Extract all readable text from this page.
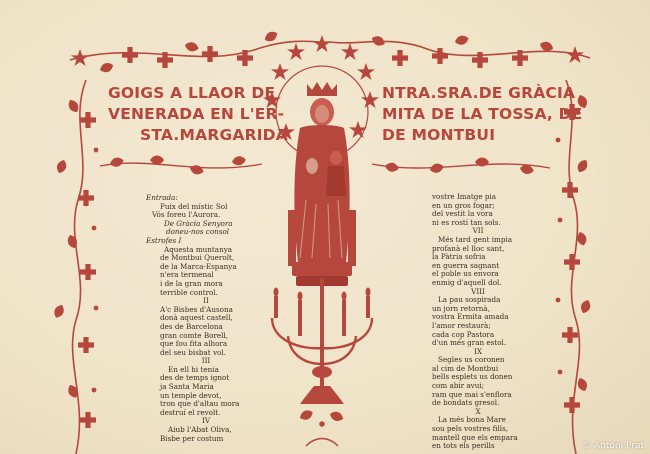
GOIGS A LLAOR DE
VENERADA EN L'ER-
STA.MARGARIDA
NTRA.SRA.DE GRÀCIA
MITA DE LA TOSSA, DE
DE MONTBUI
Entrada:
Puix del místic Sol
Vós foreu l'Aurora.
De Gràcia Senyora
doneu-nos consol
Estrofes I
Aquesta muntanya
de Montbui Querolt,
de la Marca-Espanya
n'era termenal
i de la gran mora
terrible control.
II
A'c Bisbes d'Ausona
donà aquest castell,
des de Barcelona
gran comte Borell,
que fou fita alhora
del seu bisbat vol.
III
En ell hi tenia
des de temps ignot
ja Santa Maria
un temple devot,
tron que d'altau mora
destruí el revolt.
IV
Aiub l'Abat Oliva,
Bisbe per costum
vostre Imatge pia
en un gros fogar;
del vestit la vora
ni es rostí tan sols.
VII
Més tard gent impia
profanà el lloc sant,
la Pàtria sofria
en guerra sagnant
el poble us envora
enmig d'aquell dol.
VIII
La pau sospirada
un jorn retornà,
vostra Ermita amada
l'amor restaurà;
cada cop Pastora
d'un més gran estol.
IX
Segles us coronen
al cim de Montbui
bells esplets us donen
com abir avui;
ram que mai s'enflora
de bondats gresol.
X
La més bona Mare
sou pels vostres fills,
mantell que els empara
en tots els perills	© Antoni Prat
